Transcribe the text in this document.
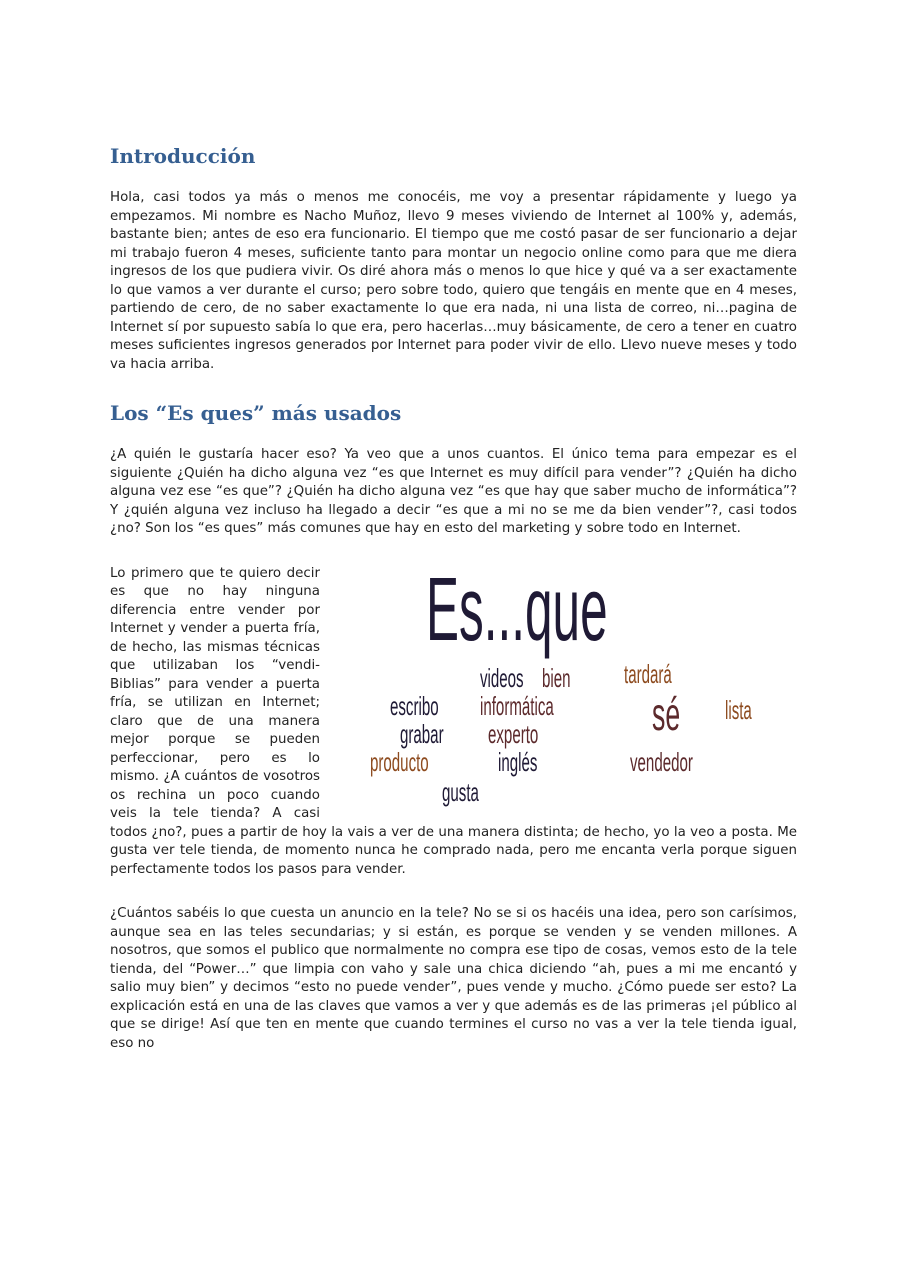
Introducción

Hola, casi todos ya más o menos me conocéis, me voy a presentar rápidamente y luego ya empezamos. Mi nombre es Nacho Muñoz, llevo 9 meses viviendo de Internet al 100% y, además, bastante bien; antes de eso era funcionario. El tiempo que me costó pasar de ser funcionario a dejar mi trabajo fueron 4 meses, suficiente tanto para montar un negocio online como para que me diera ingresos de los que pudiera vivir. Os diré ahora más o menos lo que hice y qué va a ser exactamente lo que vamos a ver durante el curso; pero sobre todo, quiero que tengáis en mente que en 4 meses, partiendo de cero, de no saber exactamente lo que era nada, ni una lista de correo, ni…pagina de Internet sí por supuesto sabía lo que era, pero hacerlas…muy básicamente, de cero a tener en cuatro meses suficientes ingresos generados por Internet para poder vivir de ello. Llevo nueve meses y todo va hacia arriba.

Los “Es ques” más usados

¿A quién le gustaría hacer eso? Ya veo que a unos cuantos. El único tema para empezar es el siguiente ¿Quién ha dicho alguna vez “es que Internet es muy difícil para vender”? ¿Quién ha dicho alguna vez ese “es que”? ¿Quién ha dicho alguna vez “es que hay que saber mucho de informática”? Y ¿quién alguna vez incluso ha llegado a decir “es que a mi no se me da bien vender”?, casi todos ¿no? Son los “es ques” más comunes que hay en esto del marketing y sobre todo en Internet.

Es...que
videos bien tardará
escribo informática sé lista
grabar experto
producto	inglés	vendedor
gusta
Lo primero que te quiero decir es que no hay ninguna diferencia entre vender por Internet y vender a puerta fría, de hecho, las mismas técnicas que utilizaban los “vendi-Biblias” para vender a puerta fría, se utilizan en Internet; claro que de una manera mejor porque se pueden perfeccionar, pero es lo mismo. ¿A cuántos de vosotros os rechina un poco cuando veis la tele tienda? A casi todos ¿no?, pues a partir de hoy la vais a ver de una manera distinta; de hecho, yo la veo a posta. Me gusta ver tele tienda, de momento nunca he comprado nada, pero me encanta verla porque siguen perfectamente todos los pasos para vender.

¿Cuántos sabéis lo que cuesta un anuncio en la tele? No se si os hacéis una idea, pero son carísimos, aunque sea en las teles secundarias; y si están, es porque se venden y se venden millones. A nosotros, que somos el publico que normalmente no compra ese tipo de cosas, vemos esto de la tele tienda, del “Power…” que limpia con vaho y sale una chica diciendo “ah, pues a mi me encantó y salio muy bien” y decimos “esto no puede vender”, pues vende y mucho. ¿Cómo puede ser esto? La explicación está en una de las claves que vamos a ver y que además es de las primeras ¡el público al que se dirige! Así que ten en mente que cuando termines el curso no vas a ver la tele tienda igual, eso no
